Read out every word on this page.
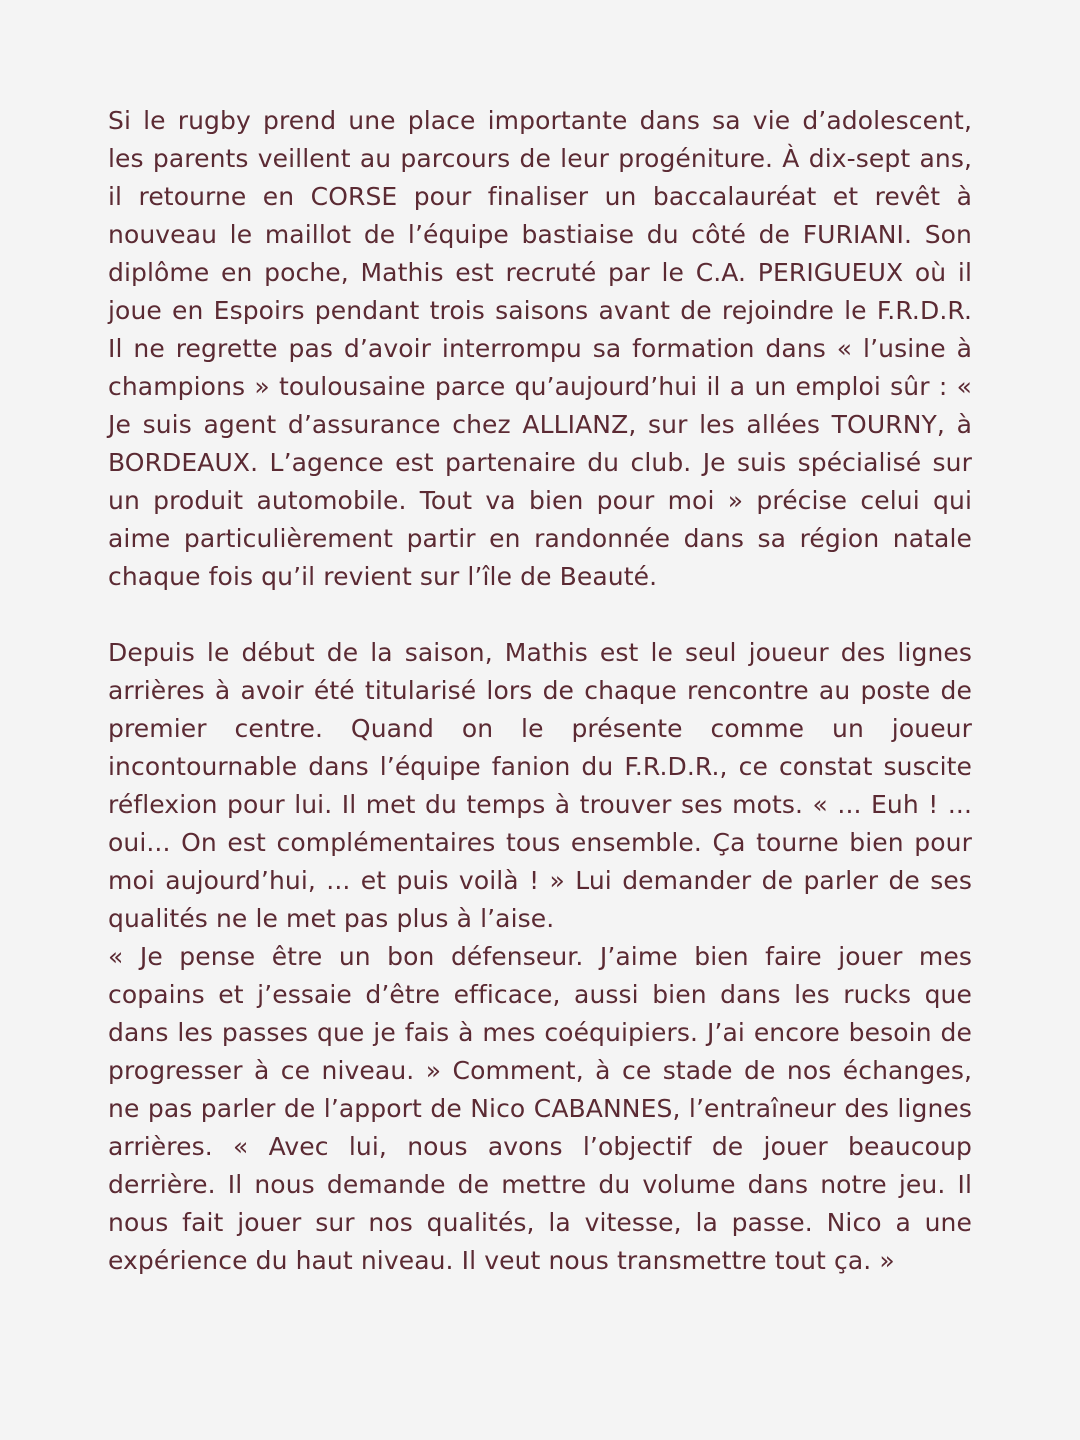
Si le rugby prend une place importante dans sa vie d’adolescent, les parents veillent au parcours de leur progéniture. À dix-sept ans, il retourne en CORSE pour finaliser un baccalauréat et revêt à nouveau le maillot de l’équipe bastiaise du côté de FURIANI. Son diplôme en poche, Mathis est recruté par le C.A. PERIGUEUX où il joue en Espoirs pendant trois saisons avant de rejoindre le F.R.D.R. Il ne regrette pas d’avoir interrompu sa formation dans « l’usine à champions » toulousaine parce qu’aujourd’hui il a un emploi sûr : « Je suis agent d’assurance chez ALLIANZ, sur les allées TOURNY, à BORDEAUX. L’agence est partenaire du club. Je suis spécialisé sur un produit automobile. Tout va bien pour moi » précise celui qui aime particulièrement partir en randonnée dans sa région natale chaque fois qu’il revient sur l’île de Beauté.

Depuis le début de la saison, Mathis est le seul joueur des lignes arrières à avoir été titularisé lors de chaque rencontre au poste de premier centre. Quand on le présente comme un joueur incontournable dans l’équipe fanion du F.R.D.R., ce constat suscite réflexion pour lui. Il met du temps à trouver ses mots. « ... Euh ! ... oui... On est complémentaires tous ensemble. Ça tourne bien pour moi aujourd’hui, ... et puis voilà ! » Lui demander de parler de ses qualités ne le met pas plus à l’aise.

« Je pense être un bon défenseur. J’aime bien faire jouer mes copains et j’essaie d’être efficace, aussi bien dans les rucks que dans les passes que je fais à mes coéquipiers. J’ai encore besoin de progresser à ce niveau. » Comment, à ce stade de nos échanges, ne pas parler de l’apport de Nico CABANNES, l’entraîneur des lignes arrières. « Avec lui, nous avons l’objectif de jouer beaucoup derrière. Il nous demande de mettre du volume dans notre jeu. Il nous fait jouer sur nos qualités, la vitesse, la passe. Nico a une expérience du haut niveau. Il veut nous transmettre tout ça. »
